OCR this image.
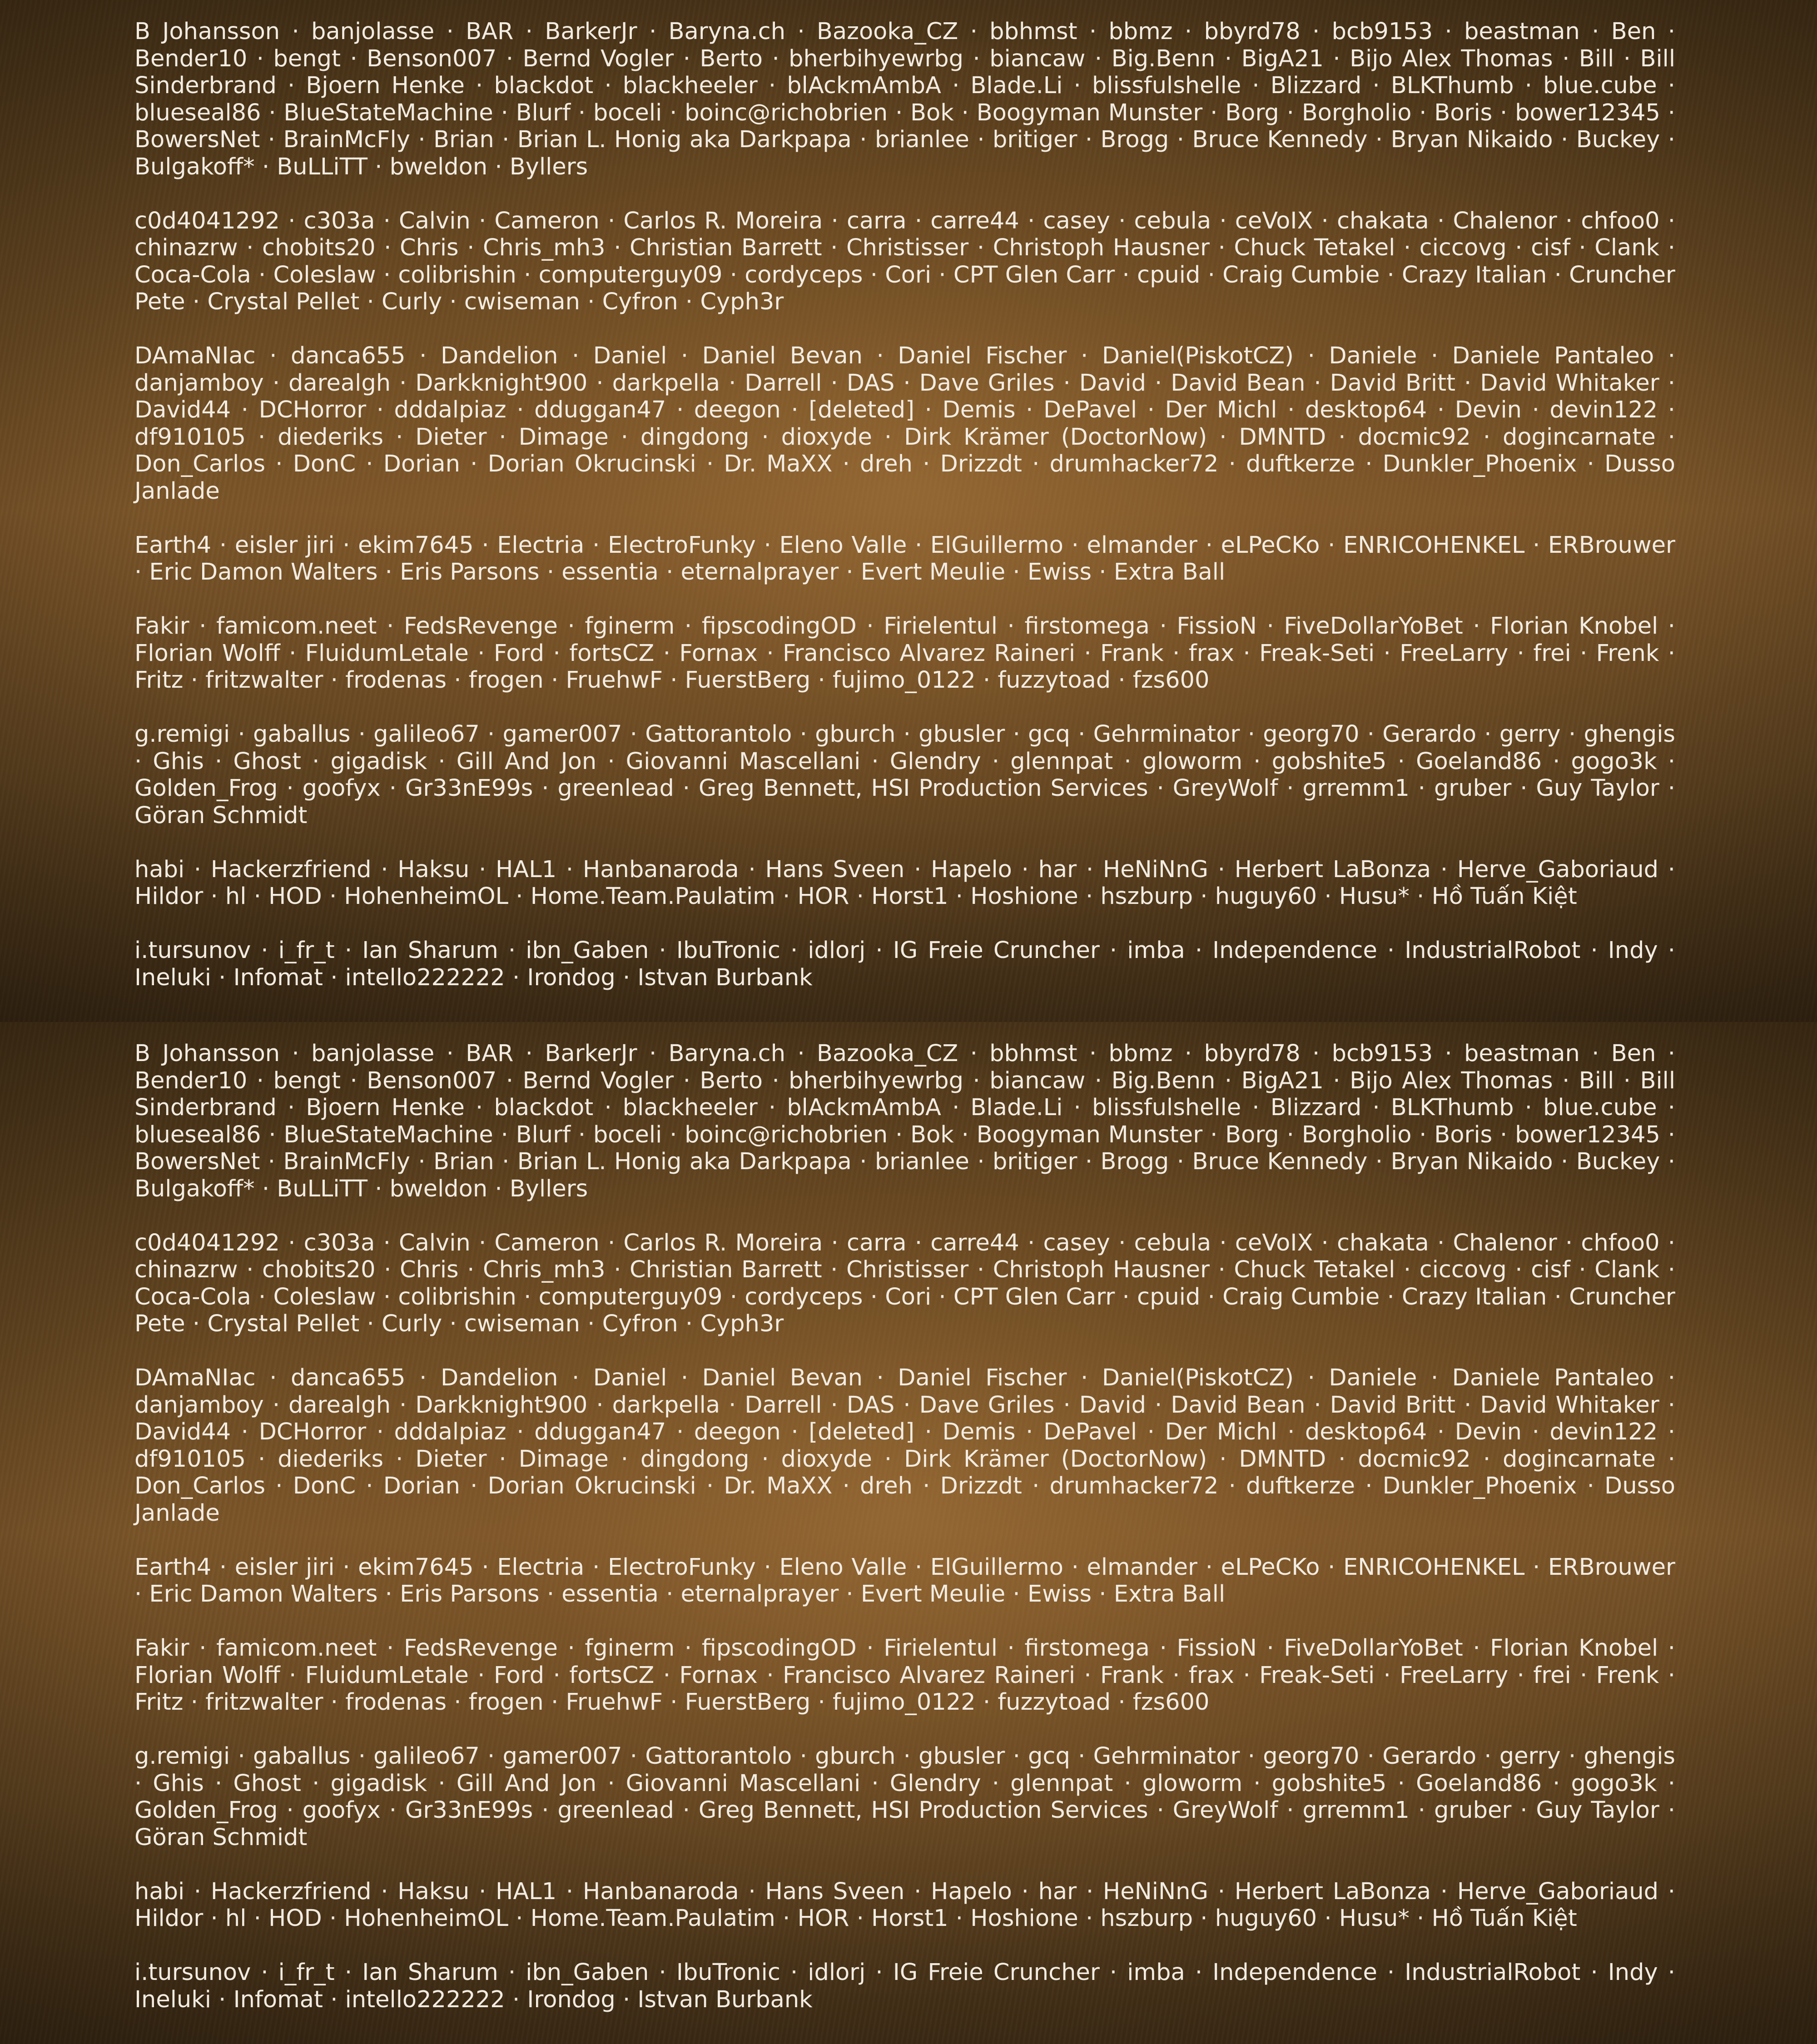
B Johansson · banjolasse · BAR · BarkerJr · Baryna.ch · Bazooka_CZ · bbhmst · bbmz · bbyrd78 · bcb9153 · beastman · Ben · Bender10 · bengt · Benson007 · Bernd Vogler · Berto · bherbihyewrbg · biancaw · Big.Benn · BigA21 · Bijo Alex Thomas · Bill · Bill Sinderbrand · Bjoern Henke · blackdot · blackheeler · blAckmAmbA · Blade.Li · blissfulshelle · Blizzard · BLKThumb · blue.cube · blueseal86 · BlueStateMachine · Blurf · boceli · boinc@richobrien · Bok · Boogyman Munster · Borg · Borgholio · Boris · bower12345 · BowersNet · BrainMcFly · Brian · Brian L. Honig aka Darkpapa · brianlee · britiger · Brogg · Bruce Kennedy · Bryan Nikaido · Buckey · Bulgakoff* · BuLLiTT · bweldon · Byllers

c0d4041292 · c303a · Calvin · Cameron · Carlos R. Moreira · carra · carre44 · casey · cebula · ceVoIX · chakata · Chalenor · chfoo0 · chinazrw · chobits20 · Chris · Chris_mh3 · Christian Barrett · Christisser · Christoph Hausner · Chuck Tetakel · ciccovg · cisf · Clank · Coca-Cola · Coleslaw · colibrishin · computerguy09 · cordyceps · Cori · CPT Glen Carr · cpuid · Craig Cumbie · Crazy Italian · Cruncher Pete · Crystal Pellet · Curly · cwiseman · Cyfron · Cyph3r

DAmaNIac · danca655 · Dandelion · Daniel · Daniel Bevan · Daniel Fischer · Daniel(PiskotCZ) · Daniele · Daniele Pantaleo · danjamboy · darealgh · Darkknight900 · darkpella · Darrell · DAS · Dave Griles · David · David Bean · David Britt · David Whitaker · David44 · DCHorror · dddalpiaz · dduggan47 · deegon · [deleted] · Demis · DePavel · Der Michl · desktop64 · Devin · devin122 · df910105 · diederiks · Dieter · Dimage · dingdong · dioxyde · Dirk Krämer (DoctorNow) · DMNTD · docmic92 · dogincarnate · Don_Carlos · DonC · Dorian · Dorian Okrucinski · Dr. MaXX · dreh · Drizzdt · drumhacker72 · duftkerze · Dunkler_Phoenix · Dusso Janlade

Earth4 · eisler jiri · ekim7645 · Electria · ElectroFunky · Eleno Valle · ElGuillermo · elmander · eLPeCKo · ENRICOHENKEL · ERBrouwer · Eric Damon Walters · Eris Parsons · essentia · eternalprayer · Evert Meulie · Ewiss · Extra Ball

Fakir · famicom.neet · FedsRevenge · fginerm · fipscodingOD · Firielentul · firstomega · FissioN · FiveDollarYoBet · Florian Knobel · Florian Wolff · FluidumLetale · Ford · fortsCZ · Fornax · Francisco Alvarez Raineri · Frank · frax · Freak-Seti · FreeLarry · frei · Frenk · Fritz · fritzwalter · frodenas · frogen · FruehwF · FuerstBerg · fujimo_0122 · fuzzytoad · fzs600

g.remigi · gaballus · galileo67 · gamer007 · Gattorantolo · gburch · gbusler · gcq · Gehrminator · georg70 · Gerardo · gerry · ghengis · Ghis · Ghost · gigadisk · Gill And Jon · Giovanni Mascellani · Glendry · glennpat · gloworm · gobshite5 · Goeland86 · gogo3k · Golden_Frog · goofyx · Gr33nE99s · greenlead · Greg Bennett, HSI Production Services · GreyWolf · grremm1 · gruber · Guy Taylor · Göran Schmidt

habi · Hackerzfriend · Haksu · HAL1 · Hanbanaroda · Hans Sveen · Hapelo · har · HeNiNnG · Herbert LaBonza · Herve_Gaboriaud · Hildor · hl · HOD · HohenheimOL · Home.Team.Paulatim · HOR · Horst1 · Hoshione · hszburp · huguy60 · Husu* · Hồ Tuấn Kiệt

i.tursunov · i_fr_t · Ian Sharum · ibn_Gaben · IbuTronic · idlorj · IG Freie Cruncher · imba · Independence · IndustrialRobot · Indy · Ineluki · Infomat · intello222222 · Irondog · Istvan Burbank

B Johansson · banjolasse · BAR · BarkerJr · Baryna.ch · Bazooka_CZ · bbhmst · bbmz · bbyrd78 · bcb9153 · beastman · Ben · Bender10 · bengt · Benson007 · Bernd Vogler · Berto · bherbihyewrbg · biancaw · Big.Benn · BigA21 · Bijo Alex Thomas · Bill · Bill Sinderbrand · Bjoern Henke · blackdot · blackheeler · blAckmAmbA · Blade.Li · blissfulshelle · Blizzard · BLKThumb · blue.cube · blueseal86 · BlueStateMachine · Blurf · boceli · boinc@richobrien · Bok · Boogyman Munster · Borg · Borgholio · Boris · bower12345 · BowersNet · BrainMcFly · Brian · Brian L. Honig aka Darkpapa · brianlee · britiger · Brogg · Bruce Kennedy · Bryan Nikaido · Buckey · Bulgakoff* · BuLLiTT · bweldon · Byllers

c0d4041292 · c303a · Calvin · Cameron · Carlos R. Moreira · carra · carre44 · casey · cebula · ceVoIX · chakata · Chalenor · chfoo0 · chinazrw · chobits20 · Chris · Chris_mh3 · Christian Barrett · Christisser · Christoph Hausner · Chuck Tetakel · ciccovg · cisf · Clank · Coca-Cola · Coleslaw · colibrishin · computerguy09 · cordyceps · Cori · CPT Glen Carr · cpuid · Craig Cumbie · Crazy Italian · Cruncher Pete · Crystal Pellet · Curly · cwiseman · Cyfron · Cyph3r

DAmaNIac · danca655 · Dandelion · Daniel · Daniel Bevan · Daniel Fischer · Daniel(PiskotCZ) · Daniele · Daniele Pantaleo · danjamboy · darealgh · Darkknight900 · darkpella · Darrell · DAS · Dave Griles · David · David Bean · David Britt · David Whitaker · David44 · DCHorror · dddalpiaz · dduggan47 · deegon · [deleted] · Demis · DePavel · Der Michl · desktop64 · Devin · devin122 · df910105 · diederiks · Dieter · Dimage · dingdong · dioxyde · Dirk Krämer (DoctorNow) · DMNTD · docmic92 · dogincarnate · Don_Carlos · DonC · Dorian · Dorian Okrucinski · Dr. MaXX · dreh · Drizzdt · drumhacker72 · duftkerze · Dunkler_Phoenix · Dusso Janlade

Earth4 · eisler jiri · ekim7645 · Electria · ElectroFunky · Eleno Valle · ElGuillermo · elmander · eLPeCKo · ENRICOHENKEL · ERBrouwer · Eric Damon Walters · Eris Parsons · essentia · eternalprayer · Evert Meulie · Ewiss · Extra Ball

Fakir · famicom.neet · FedsRevenge · fginerm · fipscodingOD · Firielentul · firstomega · FissioN · FiveDollarYoBet · Florian Knobel · Florian Wolff · FluidumLetale · Ford · fortsCZ · Fornax · Francisco Alvarez Raineri · Frank · frax · Freak-Seti · FreeLarry · frei · Frenk · Fritz · fritzwalter · frodenas · frogen · FruehwF · FuerstBerg · fujimo_0122 · fuzzytoad · fzs600

g.remigi · gaballus · galileo67 · gamer007 · Gattorantolo · gburch · gbusler · gcq · Gehrminator · georg70 · Gerardo · gerry · ghengis · Ghis · Ghost · gigadisk · Gill And Jon · Giovanni Mascellani · Glendry · glennpat · gloworm · gobshite5 · Goeland86 · gogo3k · Golden_Frog · goofyx · Gr33nE99s · greenlead · Greg Bennett, HSI Production Services · GreyWolf · grremm1 · gruber · Guy Taylor · Göran Schmidt

habi · Hackerzfriend · Haksu · HAL1 · Hanbanaroda · Hans Sveen · Hapelo · har · HeNiNnG · Herbert LaBonza · Herve_Gaboriaud · Hildor · hl · HOD · HohenheimOL · Home.Team.Paulatim · HOR · Horst1 · Hoshione · hszburp · huguy60 · Husu* · Hồ Tuấn Kiệt

i.tursunov · i_fr_t · Ian Sharum · ibn_Gaben · IbuTronic · idlorj · IG Freie Cruncher · imba · Independence · IndustrialRobot · Indy · Ineluki · Infomat · intello222222 · Irondog · Istvan Burbank
